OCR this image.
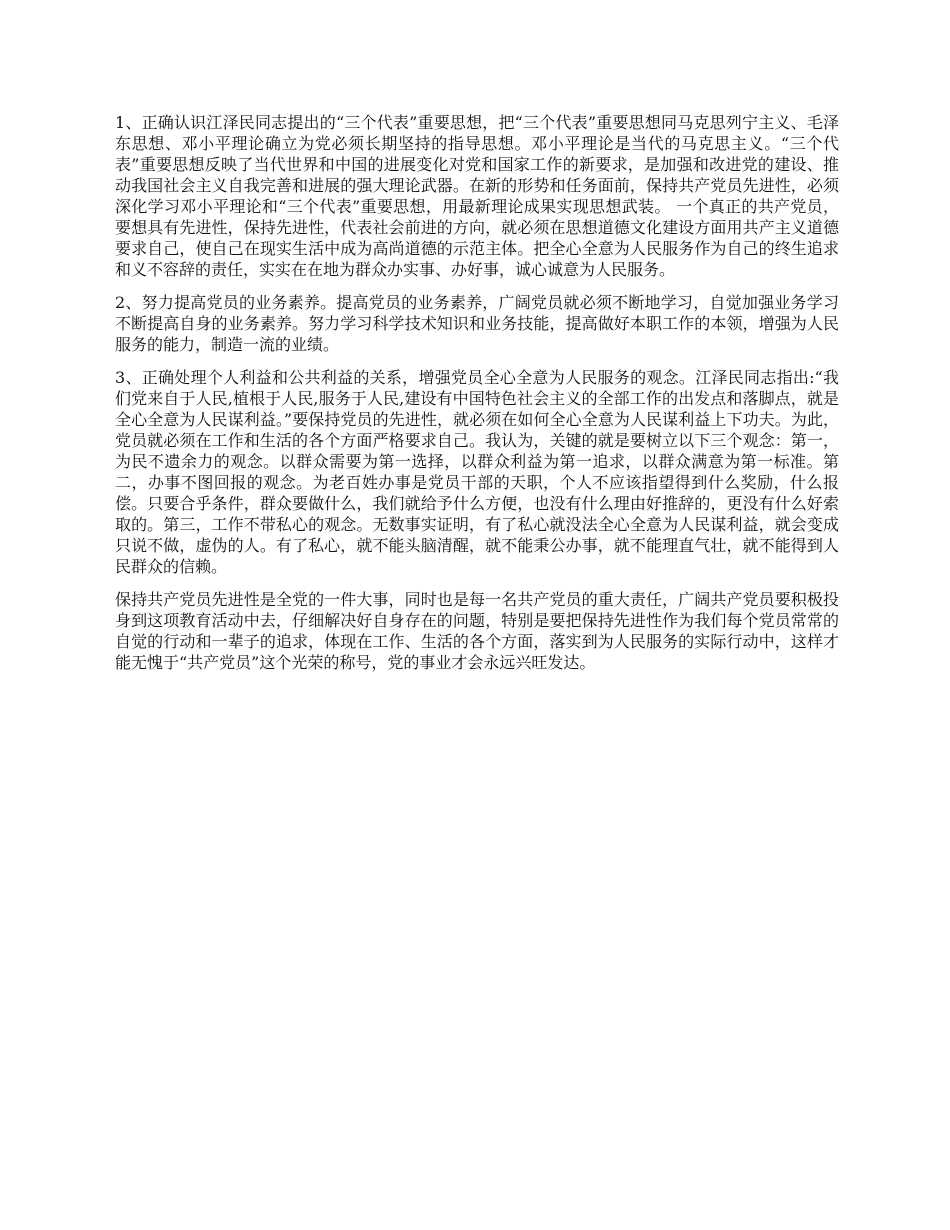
1、正确认识江泽民同志提出的“三个代表”重要思想，把“三个代表”重要思想同马克思列宁主义、毛泽东思想、邓小平理论确立为党必须长期坚持的指导思想。邓小平理论是当代的马克思主义。“三个代表”重要思想反映了当代世界和中国的进展变化对党和国家工作的新要求，是加强和改进党的建设、推动我国社会主义自我完善和进展的强大理论武器。在新的形势和任务面前，保持共产党员先进性，必须深化学习邓小平理论和“三个代表”重要思想，用最新理论成果实现思想武装。 一个真正的共产党员，要想具有先进性，保持先进性，代表社会前进的方向，就必须在思想道德文化建设方面用共产主义道德要求自己，使自己在现实生活中成为高尚道德的示范主体。把全心全意为人民服务作为自己的终生追求和义不容辞的责任，实实在在地为群众办实事、办好事，诚心诚意为人民服务。

2、努力提高党员的业务素养。提高党员的业务素养，广阔党员就必须不断地学习，自觉加强业务学习不断提高自身的业务素养。努力学习科学技术知识和业务技能，提高做好本职工作的本领，增强为人民服务的能力，制造一流的业绩。

3、正确处理个人利益和公共利益的关系，增强党员全心全意为人民服务的观念。江泽民同志指出:“我们党来自于人民,植根于人民,服务于人民,建设有中国特色社会主义的全部工作的出发点和落脚点，就是全心全意为人民谋利益。”要保持党员的先进性，就必须在如何全心全意为人民谋利益上下功夫。为此，党员就必须在工作和生活的各个方面严格要求自己。我认为，关键的就是要树立以下三个观念：第一，为民不遗余力的观念。以群众需要为第一选择，以群众利益为第一追求，以群众满意为第一标准。第二，办事不图回报的观念。为老百姓办事是党员干部的天职，个人不应该指望得到什么奖励，什么报偿。只要合乎条件，群众要做什么，我们就给予什么方便，也没有什么理由好推辞的，更没有什么好索取的。第三，工作不带私心的观念。无数事实证明，有了私心就没法全心全意为人民谋利益，就会变成只说不做，虚伪的人。有了私心，就不能头脑清醒，就不能秉公办事，就不能理直气壮，就不能得到人民群众的信赖。

保持共产党员先进性是全党的一件大事，同时也是每一名共产党员的重大责任，广阔共产党员要积极投身到这项教育活动中去，仔细解决好自身存在的问题，特别是要把保持先进性作为我们每个党员常常的自觉的行动和一辈子的追求，体现在工作、生活的各个方面，落实到为人民服务的实际行动中，这样才能无愧于“共产党员”这个光荣的称号，党的事业才会永远兴旺发达。
